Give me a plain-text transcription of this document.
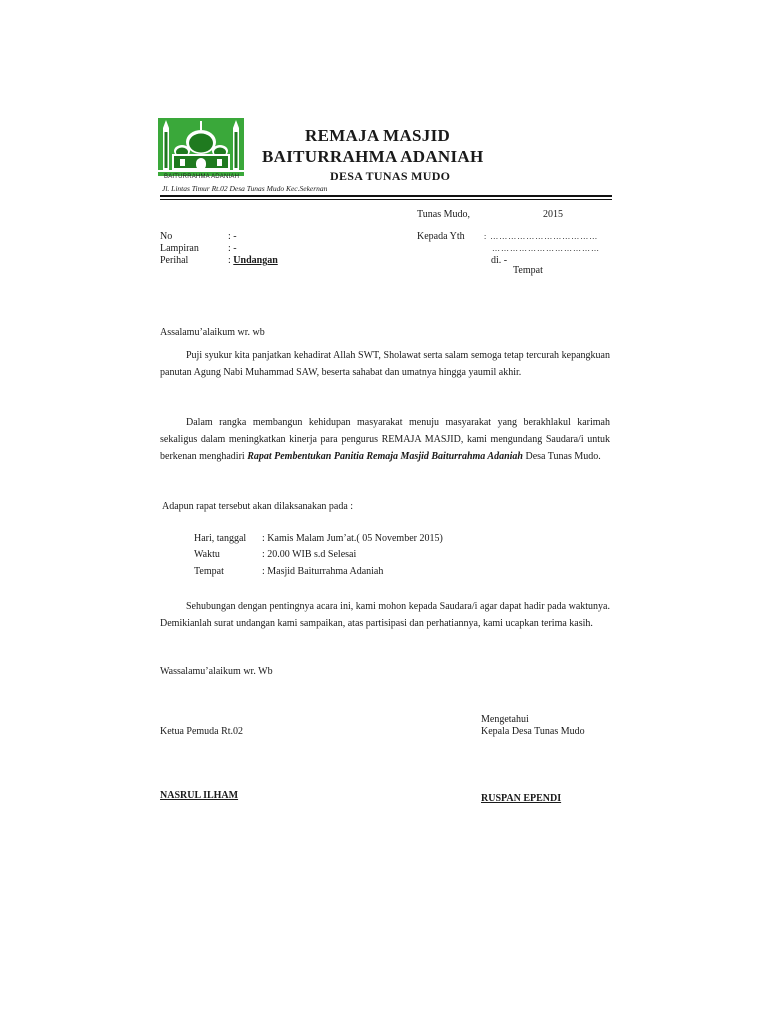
BAITURRAHMA ADANIAH
REMAJA MASJID
BAITURRAHMA ADANIAH
DESA TUNAS MUDO
Jl. Lintas Timur Rt.02 Desa Tunas Mudo Kec.Sekernan
Tunas Mudo,	2015
No	: -
Lampiran	: -
Perihal	: Undangan
Kepada Yth : ………………………………
………………………………
di. -
Tempat
Assalamu’alaikum wr. wb
Puji syukur kita panjatkan kehadirat Allah SWT, Sholawat serta salam semoga tetap tercurah kepangkuan panutan Agung Nabi Muhammad SAW, beserta sahabat dan umatnya hingga yaumil akhir.
Dalam rangka membangun kehidupan masyarakat menuju masyarakat yang berakhlakul karimah sekaligus dalam meningkatkan kinerja para pengurus REMAJA MASJID, kami mengundang Saudara/i untuk berkenan menghadiri Rapat Pembentukan Panitia Remaja Masjid Baiturrahma Adaniah Desa Tunas Mudo.
Adapun rapat tersebut akan dilaksanakan pada :
Hari, tanggal : Kamis Malam Jum’at.( 05 November 2015)
Waktu	: 20.00 WIB s.d Selesai
Tempat	: Masjid Baiturrahma Adaniah
Sehubungan dengan pentingnya acara ini, kami mohon kepada Saudara/i agar dapat hadir pada waktunya. Demikianlah surat undangan kami sampaikan, atas partisipasi dan perhatiannya, kami ucapkan terima kasih.
Wassalamu’alaikum wr. Wb
Mengetahui
Kepala Desa Tunas Mudo
Ketua Pemuda Rt.02
NASRUL ILHAM	RUSPAN EPENDI
